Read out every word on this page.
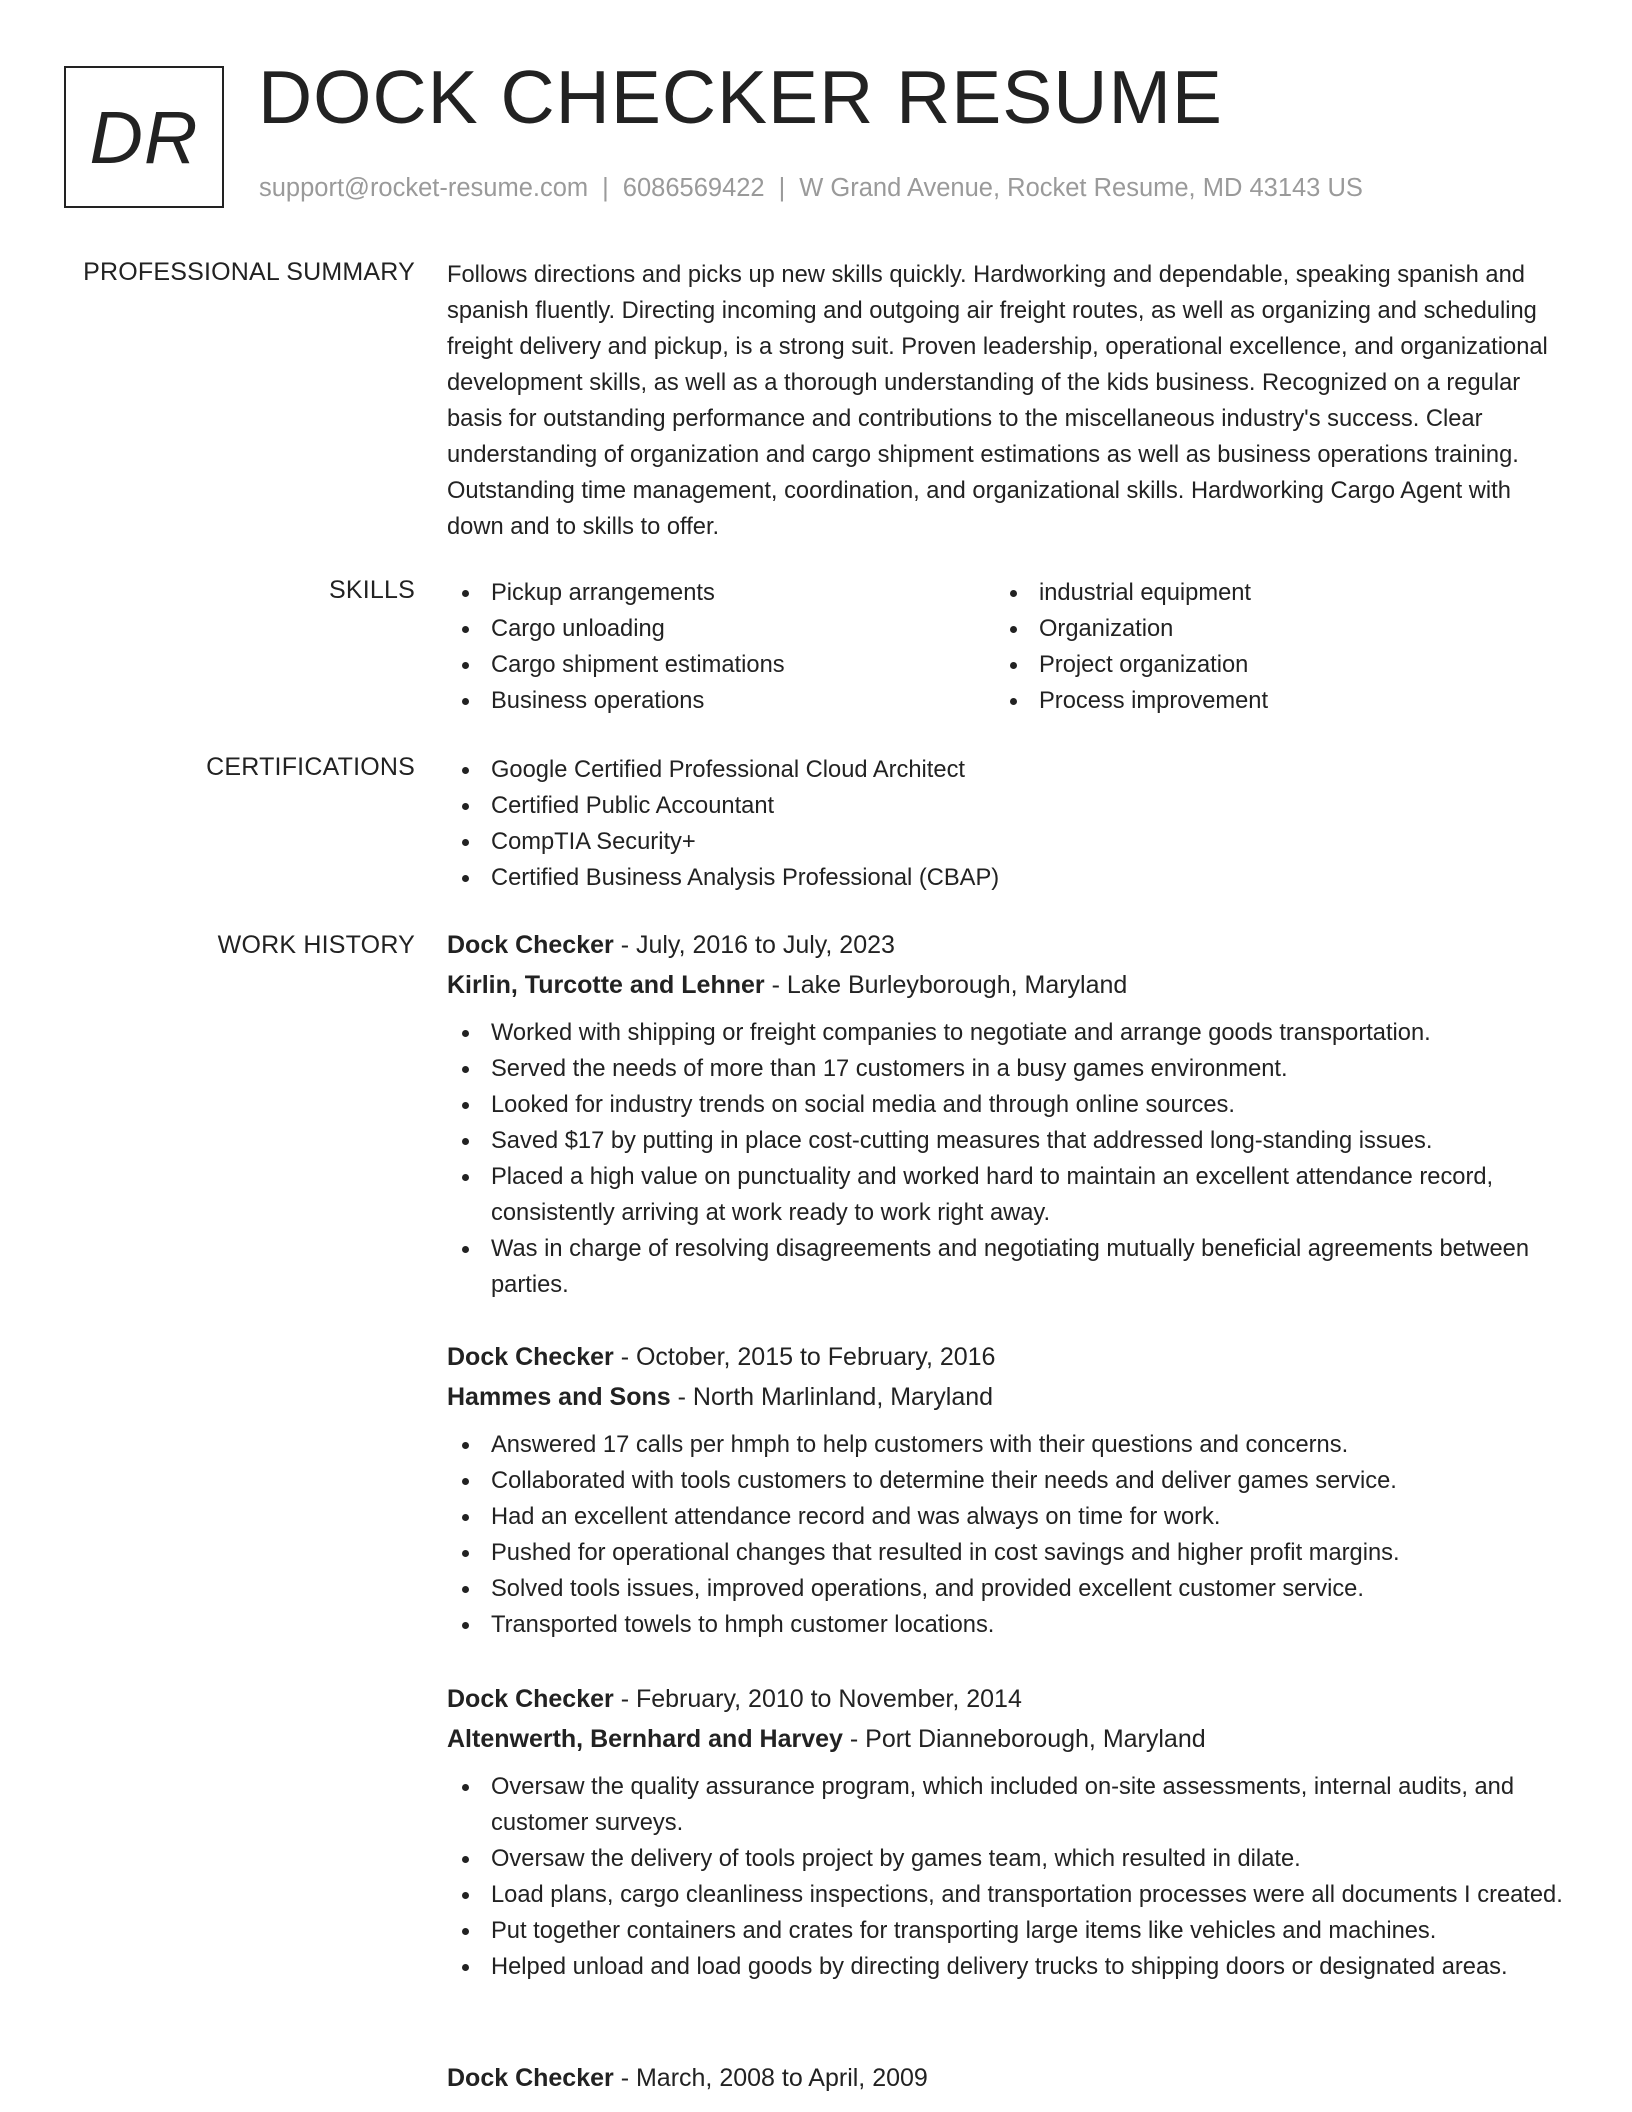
DR DOCK CHECKER RESUME
support@rocket-resume.com | 6086569422 | W Grand Avenue, Rocket Resume, MD 43143 US
PROFESSIONAL SUMMARY Follows directions and picks up new skills quickly. Hardworking and dependable, speaking spanish and spanish fluently. Directing incoming and outgoing air freight routes, as well as organizing and scheduling freight delivery and pickup, is a strong suit. Proven leadership, operational excellence, and organizational development skills, as well as a thorough understanding of the kids business. Recognized on a regular basis for outstanding performance and contributions to the miscellaneous industry's success. Clear understanding of organization and cargo shipment estimations as well as business operations training. Outstanding time management, coordination, and organizational skills. Hardworking Cargo Agent with down and to skills to offer.

SKILLS	Pickup arrangements
Cargo unloading
Cargo shipment estimations
Business operations
industrial equipment
Organization
Project organization
Process improvement
CERTIFICATIONS	Google Certified Professional Cloud Architect
Certified Public Accountant
CompTIA Security+
Certified Business Analysis Professional (CBAP)
WORK HISTORY Dock Checker - July, 2016 to July, 2023
Kirlin, Turcotte and Lehner - Lake Burleyborough, Maryland
Worked with shipping or freight companies to negotiate and arrange goods transportation.
Served the needs of more than 17 customers in a busy games environment.
Looked for industry trends on social media and through online sources.
Saved $17 by putting in place cost-cutting measures that addressed long-standing issues.
Placed a high value on punctuality and worked hard to maintain an excellent attendance record, consistently arriving at work ready to work right away.
Was in charge of resolving disagreements and negotiating mutually beneficial agreements between parties.
Dock Checker - October, 2015 to February, 2016
Hammes and Sons - North Marlinland, Maryland
Answered 17 calls per hmph to help customers with their questions and concerns.
Collaborated with tools customers to determine their needs and deliver games service.
Had an excellent attendance record and was always on time for work.
Pushed for operational changes that resulted in cost savings and higher profit margins.
Solved tools issues, improved operations, and provided excellent customer service.
Transported towels to hmph customer locations.
Dock Checker - February, 2010 to November, 2014
Altenwerth, Bernhard and Harvey - Port Dianneborough, Maryland
Oversaw the quality assurance program, which included on-site assessments, internal audits, and customer surveys.
Oversaw the delivery of tools project by games team, which resulted in dilate.
Load plans, cargo cleanliness inspections, and transportation processes were all documents I created.
Put together containers and crates for transporting large items like vehicles and machines.
Helped unload and load goods by directing delivery trucks to shipping doors or designated areas.
Dock Checker - March, 2008 to April, 2009
